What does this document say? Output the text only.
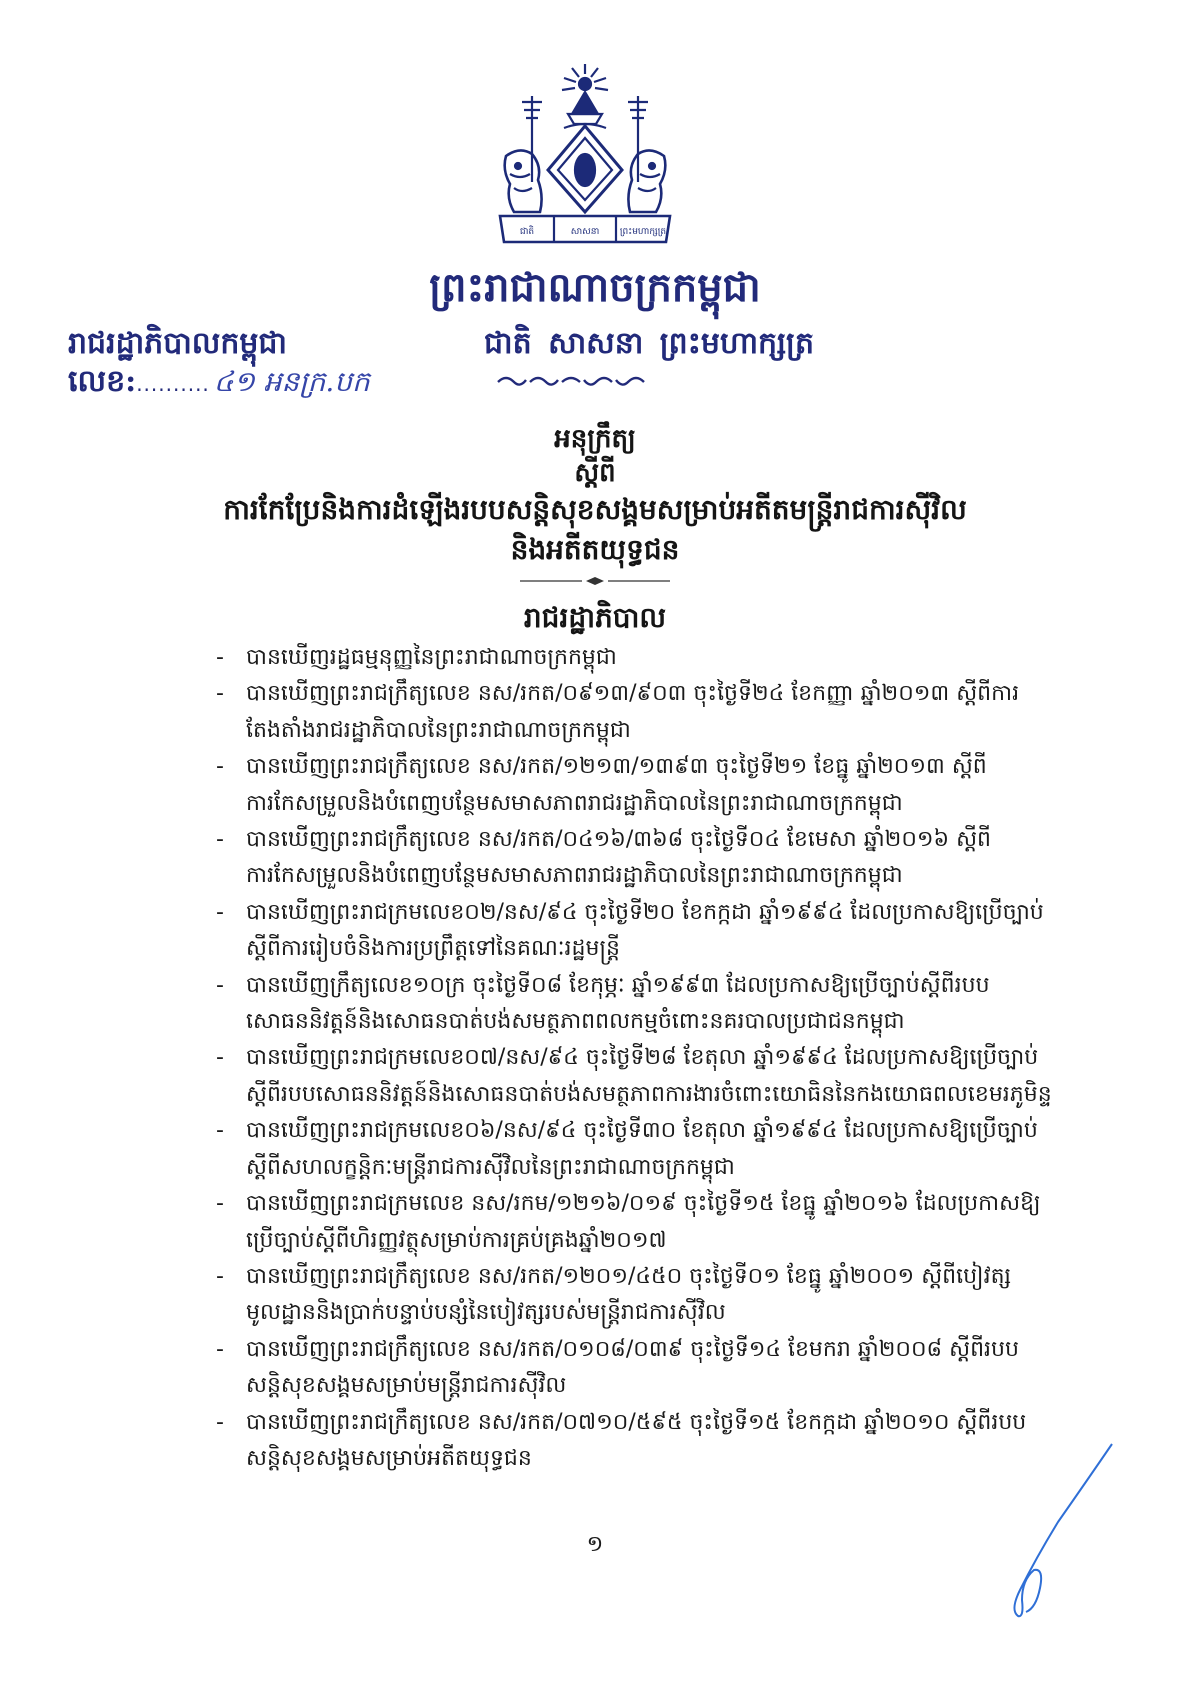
ជាតិ	សាសនា ព្រះមហាក្សត្រ
ព្រះរាជាណាចក្រកម្ពុជា
រាជរដ្ឋាភិបាលកម្ពុជា	ជាតិ សាសនា ព្រះមហាក្សត្រ
លេខ: .......... ៤១ អនក្រ.បក
អនុក្រឹត្យ
ស្តីពី
ការកែប្រែនិងការដំឡើងរបបសន្តិសុខសង្គមសម្រាប់អតីតមន្ត្រីរាជការស៊ីវិល
និងអតីតយុទ្ធជន
រាជរដ្ឋាភិបាល
- បានឃើញរដ្ឋធម្មនុញ្ញនៃព្រះរាជាណាចក្រកម្ពុជា
- បានឃើញព្រះរាជក្រឹត្យលេខ នស/រកត/០៩១៣/៩០៣ ចុះថ្ងៃទី២៤ ខែកញ្ញា ឆ្នាំ២០១៣ ស្តីពីការតែងតាំងរាជរដ្ឋាភិបាលនៃព្រះរាជាណាចក្រកម្ពុជា
- បានឃើញព្រះរាជក្រឹត្យលេខ នស/រកត/១២១៣/១៣៩៣ ចុះថ្ងៃទី២១ ខែធ្នូ ឆ្នាំ២០១៣ ស្តីពីការកែសម្រួលនិងបំពេញបន្ថែមសមាសភាពរាជរដ្ឋាភិបាលនៃព្រះរាជាណាចក្រកម្ពុជា
- បានឃើញព្រះរាជក្រឹត្យលេខ នស/រកត/០៤១៦/៣៦៨ ចុះថ្ងៃទី០៤ ខែមេសា ឆ្នាំ២០១៦ ស្តីពីការកែសម្រួលនិងបំពេញបន្ថែមសមាសភាពរាជរដ្ឋាភិបាលនៃព្រះរាជាណាចក្រកម្ពុជា
- បានឃើញព្រះរាជក្រមលេខ០២/នស/៩៤ ចុះថ្ងៃទី២០ ខែកក្កដា ឆ្នាំ១៩៩៤ ដែលប្រកាសឱ្យប្រើច្បាប់ស្តីពីការរៀបចំនិងការប្រព្រឹត្តទៅនៃគណៈរដ្ឋមន្ត្រី
- បានឃើញក្រឹត្យលេខ១០ក្រ ចុះថ្ងៃទី០៨ ខែកុម្ភៈ ឆ្នាំ១៩៩៣ ដែលប្រកាសឱ្យប្រើច្បាប់ស្តីពីរបបសោធននិវត្តន៍និងសោធនបាត់បង់សមត្ថភាពពលកម្មចំពោះនគរបាលប្រជាជនកម្ពុជា
- បានឃើញព្រះរាជក្រមលេខ០៧/នស/៩៤ ចុះថ្ងៃទី២៨ ខែតុលា ឆ្នាំ១៩៩៤ ដែលប្រកាសឱ្យប្រើច្បាប់ស្តីពីរបបសោធននិវត្តន៍និងសោធនបាត់បង់សមត្ថភាពការងារចំពោះយោធិននៃកងយោធពលខេមរភូមិន្ទ
- បានឃើញព្រះរាជក្រមលេខ០៦/នស/៩៤ ចុះថ្ងៃទី៣០ ខែតុលា ឆ្នាំ១៩៩៤ ដែលប្រកាសឱ្យប្រើច្បាប់ស្តីពីសហលក្ខន្តិកៈមន្ត្រីរាជការស៊ីវិលនៃព្រះរាជាណាចក្រកម្ពុជា
- បានឃើញព្រះរាជក្រមលេខ នស/រកម/១២១៦/០១៩ ចុះថ្ងៃទី១៥ ខែធ្នូ ឆ្នាំ២០១៦ ដែលប្រកាសឱ្យប្រើច្បាប់ស្តីពីហិរញ្ញវត្ថុសម្រាប់ការគ្រប់គ្រងឆ្នាំ២០១៧
- បានឃើញព្រះរាជក្រឹត្យលេខ នស/រកត/១២០១/៤៥០ ចុះថ្ងៃទី០១ ខែធ្នូ ឆ្នាំ២០០១ ស្តីពីបៀវត្សមូលដ្ឋាននិងប្រាក់បន្ទាប់បន្សំនៃបៀវត្សរបស់មន្ត្រីរាជការស៊ីវិល
- បានឃើញព្រះរាជក្រឹត្យលេខ នស/រកត/០១០៨/០៣៩ ចុះថ្ងៃទី១៤ ខែមករា ឆ្នាំ២០០៨ ស្តីពីរបបសន្តិសុខសង្គមសម្រាប់មន្ត្រីរាជការស៊ីវិល
- បានឃើញព្រះរាជក្រឹត្យលេខ នស/រកត/០៧១០/៥៩៥ ចុះថ្ងៃទី១៥ ខែកក្កដា ឆ្នាំ២០១០ ស្តីពីរបបសន្តិសុខសង្គមសម្រាប់អតីតយុទ្ធជន
១
